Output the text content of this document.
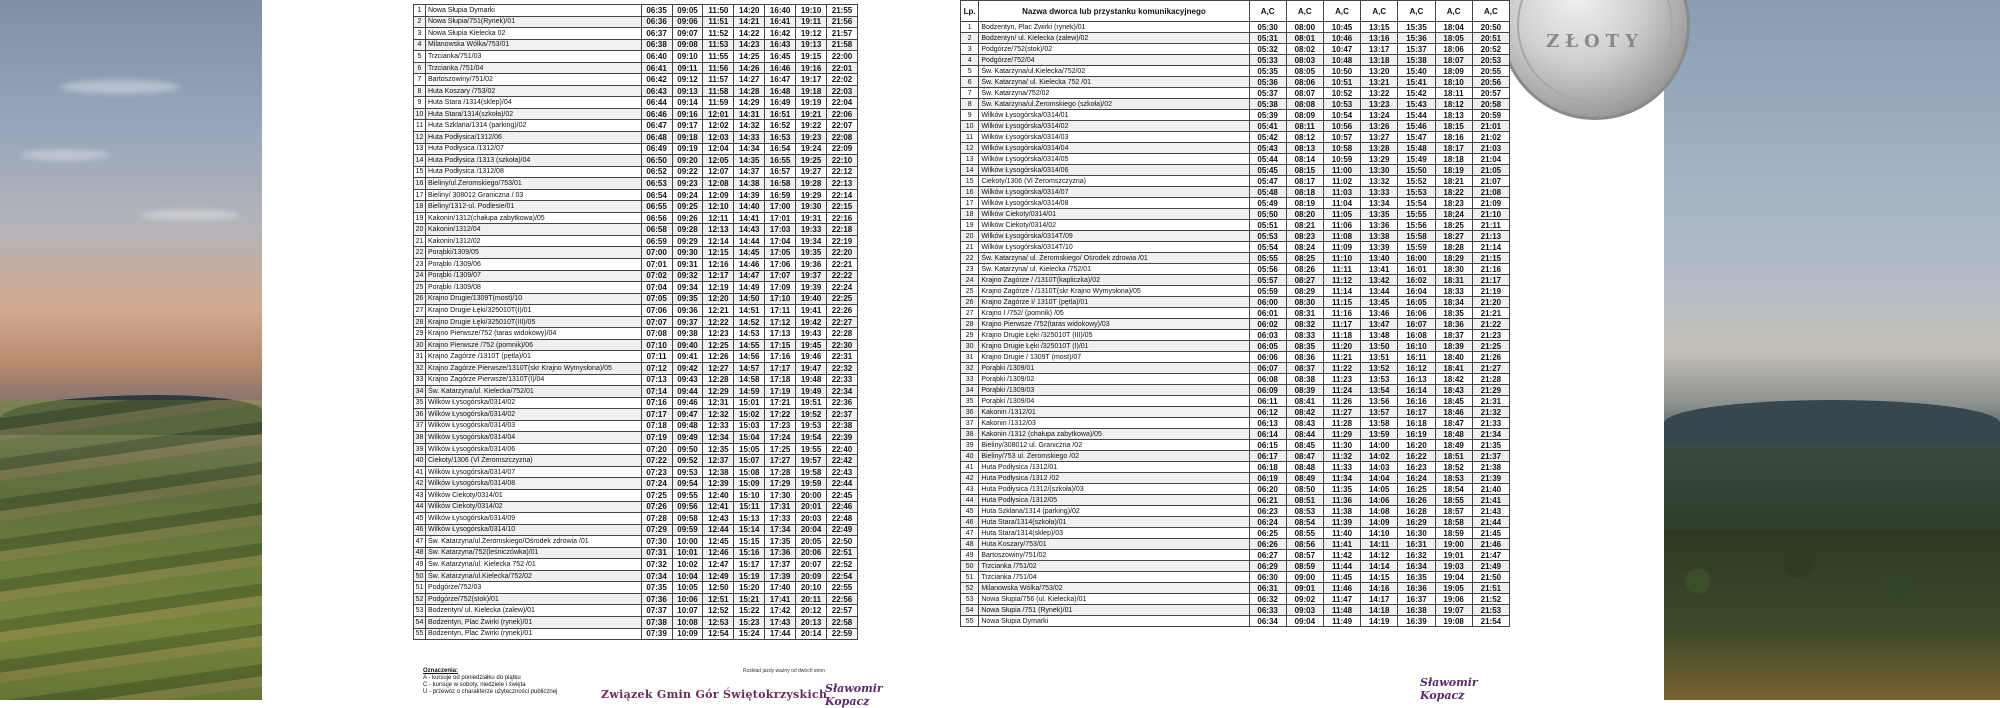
ZŁOTY
1	Nowa Słupia Dymarki	06:35	09:05	11:50	14:20	16:40	19:10	21:55
2	Nowa Słupia/751(Rynek)/01	06:36	09:06	11:51	14:21	16:41	19:11	21:56
3	Nowa Słupia Kielecka 02	06:37	09:07	11:52	14:22	16:42	19:12	21:57
4	Milanowska Wólka/753/01	06:38	09:08	11:53	14:23	16:43	19:13	21:58
5	Trzcianka/751/03	06:40	09:10	11:55	14:25	16:45	19:15	22:00
6	Trzcianka /751/04	06:41	09:11	11:56	14:26	16:46	19:16	22:01
7	Bartoszowiny/751/02	06:42	09:12	11:57	14:27	16:47	19:17	22:02
8	Huta Koszary /753/02	06:43	09:13	11:58	14:28	16:48	19:18	22:03
9	Huta Stara /1314(sklep)/04	06:44	09:14	11:59	14:29	16:49	19:19	22:04
10	Huta Stara/1314(szkoła)/02	06:46	09:16	12:01	14:31	16:51	19:21	22:06
11	Huta Szklana/1314 (parking)/02	06:47	09:17	12:02	14:32	16:52	19:22	22:07
12	Huta Podłysica/1312/06	06:48	09:18	12:03	14:33	16:53	19:23	22:08
13	Huta Podłysica /1312/07	06:49	09:19	12:04	14:34	16:54	19:24	22:09
14	Huta Podłysica /1313 (szkoła)/04	06:50	09:20	12:05	14:35	16:55	19:25	22:10
15	Huta Podłysica /1312/08	06:52	09:22	12:07	14:37	16:57	19:27	22:12
16	Bieliny/ul.Żeromskiego/753/01	06:53	09:23	12:08	14:38	16:58	19:28	22:13
17	Bieliny/ 308012 Graniczna / 03	06:54	09:24	12:09	14:39	16:59	19:29	22:14
18	Bieliny/1312-ul. Podlesie/01	06:55	09:25	12:10	14:40	17:00	19:30	22:15
19	Kakonin/1312(chałupa zabytkowa)/05	06:56	09:26	12:11	14:41	17:01	19:31	22:16
20	Kakonin/1312/04	06:58	09:28	12:13	14:43	17:03	19:33	22:18
21	Kakonin/1312/02	06:59	09:29	12:14	14:44	17:04	19:34	22:19
22	Porąbki/1309/05	07:00	09:30	12:15	14:45	17:05	19:35	22:20
23	Porąbki /1309/06	07:01	09:31	12:16	14:46	17:06	19:36	22:21
24	Porąbki /1309/07	07:02	09:32	12:17	14:47	17:07	19:37	22:22
25	Porąbki /1309/08	07:04	09:34	12:19	14:49	17:09	19:39	22:24
26	Krajno Drugie/1309T(most)/10	07:05	09:35	12:20	14:50	17:10	19:40	22:25
27	Krajno Drugie Łęki/325010T(I)/01	07:06	09:36	12:21	14:51	17:11	19:41	22:26
28	Krajno Drugie Łęki/325010T(III)/05	07:07	09:37	12:22	14:52	17:12	19:42	22:27
29	Krajno Pierwsze/752 (taras widokowy)/04	07:08	09:38	12:23	14:53	17:13	19:43	22:28
30	Krajno Pierwsze /752 (pomnik)/06	07:10	09:40	12:25	14:55	17:15	19:45	22:30
31	Krajno Zagórze /1310T (pętla)/01	07:11	09:41	12:26	14:56	17:16	19:46	22:31
32	Krajno Zagórze Pierwsze/1310T(skr Krajno Wymysłona)/05	07:12	09:42	12:27	14:57	17:17	19:47	22:32
33	Krajno Zagórze Pierwsze/1310T(I)/04	07:13	09:43	12:28	14:58	17:18	19:48	22:33
34	Św. Katarzyna/ul. Kielecka/752/01	07:14	09:44	12:29	14:59	17:19	19:49	22:34
35	Wilków Łysogórska/0314/02	07:16	09:46	12:31	15:01	17:21	19:51	22:36
36	Wilków Łysogórska/0314/02	07:17	09:47	12:32	15:02	17:22	19:52	22:37
37	Wilków Łysogórska/0314/03	07:18	09:48	12:33	15:03	17:23	19:53	22:38
38	Wilków Łysogórska/0314/04	07:19	09:49	12:34	15:04	17:24	19:54	22:39
39	Wilków Łysogórska/0314/06	07:20	09:50	12:35	15:05	17:25	19:55	22:40
40	Ciekoty/1306 (Vl Żeromszczyzna)	07:22	09:52	12:37	15:07	17:27	19:57	22:42
41	Wilków Łysogórska/0314/07	07:23	09:53	12:38	15:08	17:28	19:58	22:43
42	Wilków Łysogórska/0314/08	07:24	09:54	12:39	15:09	17:29	19:59	22:44
43	Wilków Ciekoty/0314/01	07:25	09:55	12:40	15:10	17:30	20:00	22:45
44	Wilków Ciekoty/0314/02	07:26	09:56	12:41	15:11	17:31	20:01	22:46
45	Wilków Łysogórska/0314/09	07:28	09:58	12:43	15:13	17:33	20:03	22:48
46	Wilków Łysogórska/0314/10	07:29	09:59	12:44	15:14	17:34	20:04	22:49
47	Św. Katarzyna/ul.Żeromskiego/Ośrodek zdrowia /01	07:30	10:00	12:45	15:15	17:35	20:05	22:50
48	Św. Katarzyna/752(leśniczówka)/01	07:31	10:01	12:46	15:16	17:36	20:06	22:51
49	Św. Katarzyna/ul. Kielecka 752 /01	07:32	10:02	12:47	15:17	17:37	20:07	22:52
50	Św. Katarzyna/ul.Kielecka/752/02	07:34	10:04	12:49	15:19	17:39	20:09	22:54
51	Podgórze/752/03	07:35	10:05	12:50	15:20	17:40	20:10	22:55
52	Podgórze/752(stok)/01	07:36	10:06	12:51	15:21	17:41	20:11	22:56
53	Bodzentyn/ ul. Kielecka (zalew)/01	07:37	10:07	12:52	15:22	17:42	20:12	22:57
54	Bodzentyn, Plac Żwirki (rynek)/01	07:38	10:08	12:53	15:23	17:43	20:13	22:58
55	Bodzentyn, Plac Żwirki (rynek)/01	07:39	10:09	12:54	15:24	17:44	20:14	22:59
Oznaczenia:
A - kursuje od poniedziałku do piątku
C - kursuje w soboty, niedziele i święta
U - przewóz o charakterze użyteczności publicznej
Rozkład jazdy ważny od dwóch stron
Związek Gmin Gór Świętokrzyskich
Sławomir Kopacz
Lp.	Nazwa dworca lub przystanku komunikacyjnego	A,C	A,C	A,C	A,C	A,C	A,C	A,C
1	Bodzentyn, Plac Żwirki (rynek)/01	05:30	08:00	10:45	13:15	15:35	18:04	20:50
2	Bodzentyn/ ul. Kielecka (zalew)/02	05:31	08:01	10:46	13:16	15:36	18:05	20:51
3	Podgórze/752(stok)/02	05:32	08:02	10:47	13:17	15:37	18:06	20:52
4	Podgórze/752/04	05:33	08:03	10:48	13:18	15:38	18:07	20:53
5	Św. Katarzyna/ul.Kielecka/752/02	05:35	08:05	10:50	13:20	15:40	18:09	20:55
6	Św. Katarzyna/ ul. Kielecka 752 /01	05:36	08:06	10:51	13:21	15:41	18:10	20:56
7	Św. Katarzyna/752/02	05:37	08:07	10:52	13:22	15:42	18:11	20:57
8	Św. Katarzyna/ul.Żeromskiego (szkoła)/02	05:38	08:08	10:53	13:23	15:43	18:12	20:58
9	Wilków Łysogórska/0314/01	05:39	08:09	10:54	13:24	15:44	18:13	20:59
10	Wilków Łysogórska/0314/02	05:41	08:11	10:56	13:26	15:46	18:15	21:01
11	Wilków Łysogórska/0314/03	05:42	08:12	10:57	13:27	15:47	18:16	21:02
12	Wilków Łysogórska/0314/04	05:43	08:13	10:58	13:28	15:48	18:17	21:03
13	Wilków Łysogórska/0314/05	05:44	08:14	10:59	13:29	15:49	18:18	21:04
14	Wilków Łysogórska/0314/06	05:45	08:15	11:00	13:30	15:50	18:19	21:05
15	Ciekoty/1306 (Vl Żeromszczyzna)	05:47	08:17	11:02	13:32	15:52	18:21	21:07
16	Wilków Łysogórska/0314/07	05:48	08:18	11:03	13:33	15:53	18:22	21:08
17	Wilków Łysogórska/0314/08	05:49	08:19	11:04	13:34	15:54	18:23	21:09
18	Wilków Ciekoty/0314/01	05:50	08:20	11:05	13:35	15:55	18:24	21:10
19	Wilków Ciekoty/0314/02	05:51	08:21	11:06	13:36	15:56	18:25	21:11
20	Wilków Łysogórska/0314T/09	05:53	08:23	11:08	13:38	15:58	18:27	21:13
21	Wilków Łysogórska/0314T/10	05:54	08:24	11:09	13:39	15:59	18:28	21:14
22	Św. Katarzyna/ ul. Żeromskiego/ Ośrodek zdrowia /01	05:55	08:25	11:10	13:40	16:00	18:29	21:15
23	Św. Katarzyna/ ul. Kielecka /752/01	05:56	08:26	11:11	13:41	16:01	18:30	21:16
24	Krajno Zagórze / /1310T(kapliczka)/02	05:57	08:27	11:12	13:42	16:02	18:31	21:17
25	Krajno Zagórze / /1310T(skr Krajno Wymysłona)/05	05:59	08:29	11:14	13:44	16:04	18:33	21:19
26	Krajno Zagórze I/ 1310T (pętla)/01	06:00	08:30	11:15	13:45	16:05	18:34	21:20
27	Krajno I /752/ (pomnik) /05	06:01	08:31	11:16	13:46	16:06	18:35	21:21
28	Krajno Pierwsze /752(taras widokowy)/03	06:02	08:32	11:17	13:47	16:07	18:36	21:22
29	Krajno Drugie Łęki /325010T (III)/05	06:03	08:33	11:18	13:48	16:08	18:37	21:23
30	Krajno Drugie Łęki /325010T (I)/01	06:05	08:35	11:20	13:50	16:10	18:39	21:25
31	Krajno Drugie / 1309T (most)/07	06:06	08:36	11:21	13:51	16:11	18:40	21:26
32	Porąbki /1309/01	06:07	08:37	11:22	13:52	16:12	18:41	21:27
33	Porąbki /1309/02	06:08	08:38	11:23	13:53	16:13	18:42	21:28
34	Porąbki /1309/03	06:09	08:39	11:24	13:54	16:14	18:43	21:29
35	Porąbki /1309/04	06:11	08:41	11:26	13:56	16:16	18:45	21:31
36	Kakonin /1312/01	06:12	08:42	11:27	13:57	16:17	18:46	21:32
37	Kakonin /1312/03	06:13	08:43	11:28	13:58	16:18	18:47	21:33
38	Kakonin /1312 (chałupa zabytkowa)/05	06:14	08:44	11:29	13:59	16:19	18:48	21:34
39	Bieliny/308012 ul. Graniczna /02	06:15	08:45	11:30	14:00	16:20	18:49	21:35
40	Bieliny/753 ul. Żeromskiego /02	06:17	08:47	11:32	14:02	16:22	18:51	21:37
41	Huta Podłysica /1312/01	06:18	08:48	11:33	14:03	16:23	18:52	21:38
42	Huta Podłysica /1312 /02	06:19	08:49	11:34	14:04	16:24	18:53	21:39
43	Huta Podłysica /1312/(szkoła)/03	06:20	08:50	11:35	14:05	16:25	18:54	21:40
44	Huta Podłysica /1312/05	06:21	08:51	11:36	14:06	16:26	18:55	21:41
45	Huta Szklana/1314 (parking)/02	06:23	08:53	11:38	14:08	16:28	18:57	21:43
46	Huta Stara/1314(szkoła)/01	06:24	08:54	11:39	14:09	16:29	18:58	21:44
47	Huta Stara/1314(sklep)/03	06:25	08:55	11:40	14:10	16:30	18:59	21:45
48	Huta Koszary/753/01	06:26	08:56	11:41	14:11	16:31	19:00	21:46
49	Bartoszowiny/751/02	06:27	08:57	11:42	14:12	16:32	19:01	21:47
50	Trzcianka /751/02	06:29	08:59	11:44	14:14	16:34	19:03	21:49
51	Trzcianka /751/04	06:30	09:00	11:45	14:15	16:35	19:04	21:50
52	Milanowska Wólka/753/02	06:31	09:01	11:46	14:16	16:36	19:05	21:51
53	Nowa Słupia/756 (ul. Kielecka)/01	06:32	09:02	11:47	14:17	16:37	19:06	21:52
54	Nowa Słupia /751 (Rynek)/01	06:33	09:03	11:48	14:18	16:38	19:07	21:53
55	Nowa Słupia Dymarki	06:34	09:04	11:49	14:19	16:39	19:08	21:54
Sławomir Kopacz
